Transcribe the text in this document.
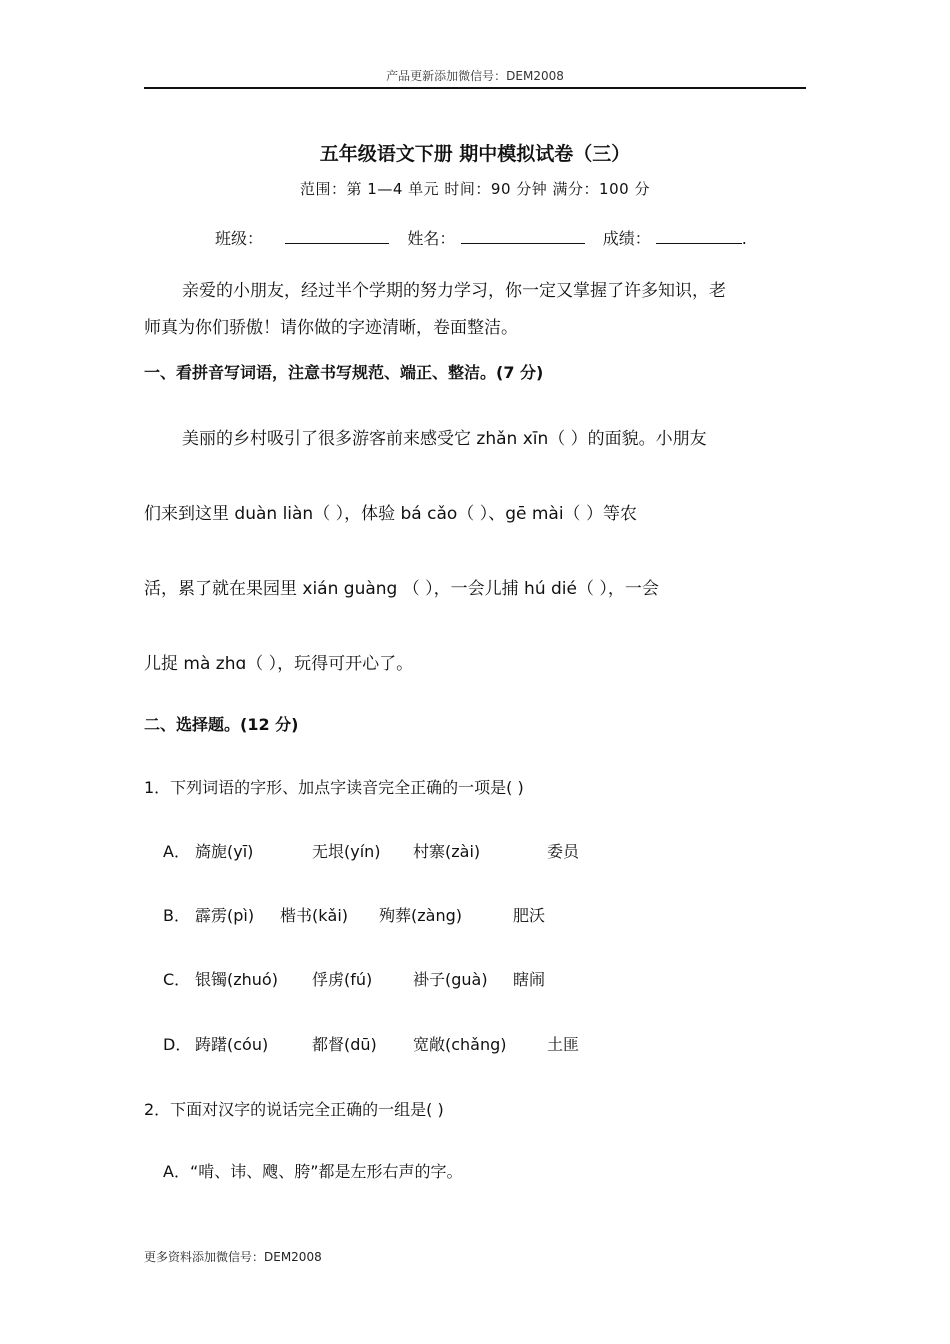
产品更新添加微信号：DEM2008
五年级语文下册 期中模拟试卷（三）
范围：第 1—4 单元 时间：90 分钟 满分：100 分
班级：	姓名：	成绩：	.
亲爱的小朋友，经过半个学期的努力学习，你一定又掌握了许多知识，老
师真为你们骄傲！请你做的字迹清晰，卷面整洁。
一、看拼音写词语，注意书写规范、端正、整洁。(7 分)
美丽的乡村吸引了很多游客前来感受它 zhǎn xīn（ ）的面貌。小朋友
们来到这里 duàn liàn（ ），体验 bá cǎo（ ）、gē mài（ ）等农
活，累了就在果园里 xián guàng （ ），一会儿捕 hú dié（ ），一会
儿捉 mà zhɑ（ ），玩得可开心了。
二、选择题。(12 分)
1．下列词语的字形、加点字读音完全正确的一项是( )
A． 旖旎(yī)	无垠(yín) 村寨(zài)	委员
B． 霹雳(pì) 楷书(kǎi) 殉葬(zàng)	肥沃
C． 银镯(zhuó) 俘虏(fú)	褂子(guà) 瞎闹
D． 踌躇(cóu)	都督(dū) 宽敞(chǎng)	土匪
2．下面对汉字的说话完全正确的一组是( )
A．“啃、讳、飕、胯”都是左形右声的字。
更多资料添加微信号：DEM2008
